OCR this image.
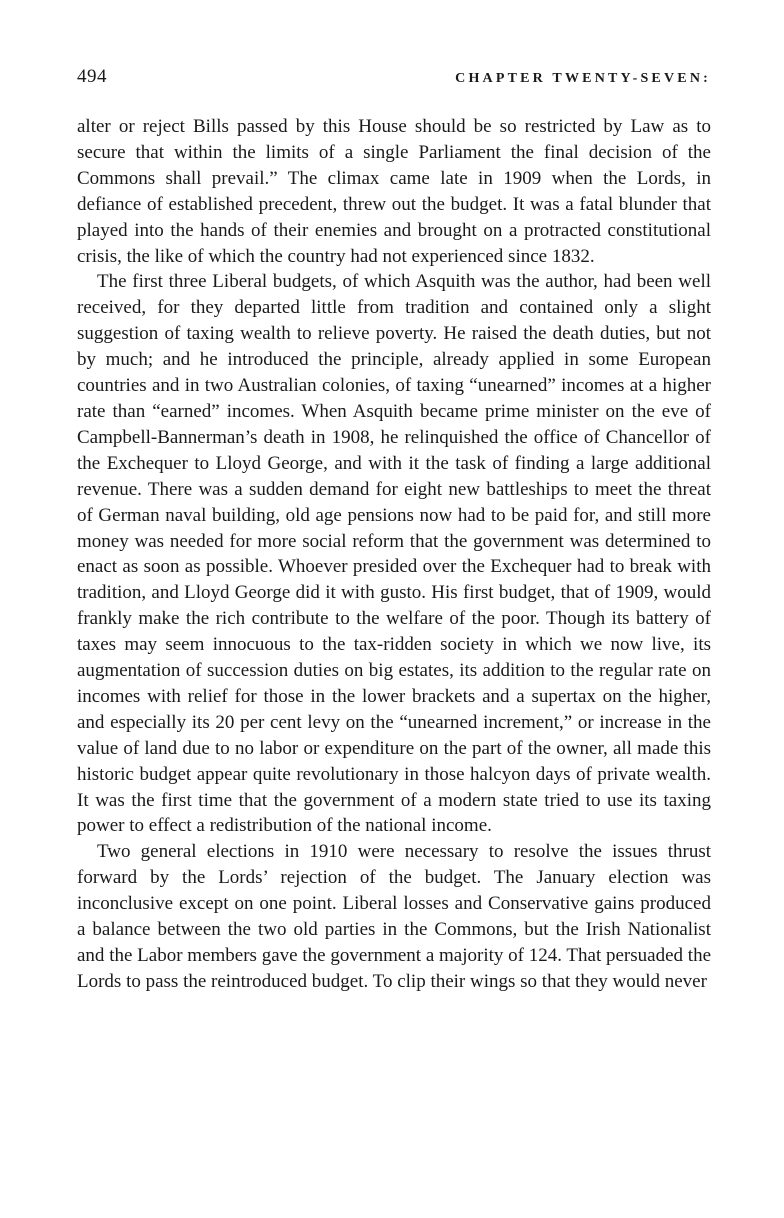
494	CHAPTER TWENTY-SEVEN:

alter or reject Bills passed by this House should be so restricted by Law as to secure that within the limits of a single Parliament the final decision of the Commons shall prevail.” The climax came late in 1909 when the Lords, in defiance of established precedent, threw out the budget. It was a fatal blunder that played into the hands of their enemies and brought on a protracted constitutional crisis, the like of which the country had not experienced since 1832.

The first three Liberal budgets, of which Asquith was the author, had been well received, for they departed little from tradition and contained only a slight suggestion of taxing wealth to relieve poverty. He raised the death duties, but not by much; and he introduced the principle, already applied in some European countries and in two Australian colonies, of taxing “unearned” incomes at a higher rate than “earned” incomes. When Asquith became prime minister on the eve of Campbell-Bannerman’s death in 1908, he relinquished the office of Chancellor of the Exchequer to Lloyd George, and with it the task of finding a large additional revenue. There was a sudden demand for eight new battleships to meet the threat of German naval building, old age pensions now had to be paid for, and still more money was needed for more social reform that the government was determined to enact as soon as possible. Whoever presided over the Exchequer had to break with tradition, and Lloyd George did it with gusto. His first budget, that of 1909, would frankly make the rich contribute to the welfare of the poor. Though its battery of taxes may seem innocuous to the tax-ridden society in which we now live, its augmentation of succession duties on big estates, its addition to the regular rate on incomes with relief for those in the lower brackets and a supertax on the higher, and especially its 20 per cent levy on the “unearned increment,” or increase in the value of land due to no labor or expenditure on the part of the owner, all made this historic budget appear quite revolutionary in those halcyon days of private wealth. It was the first time that the government of a modern state tried to use its taxing power to effect a redistribution of the national income.

Two general elections in 1910 were necessary to resolve the issues thrust forward by the Lords’ rejection of the budget. The January election was inconclusive except on one point. Liberal losses and Conservative gains produced a balance between the two old parties in the Commons, but the Irish Nationalist and the Labor members gave the government a majority of 124. That persuaded the Lords to pass the reintroduced budget. To clip their wings so that they would never
